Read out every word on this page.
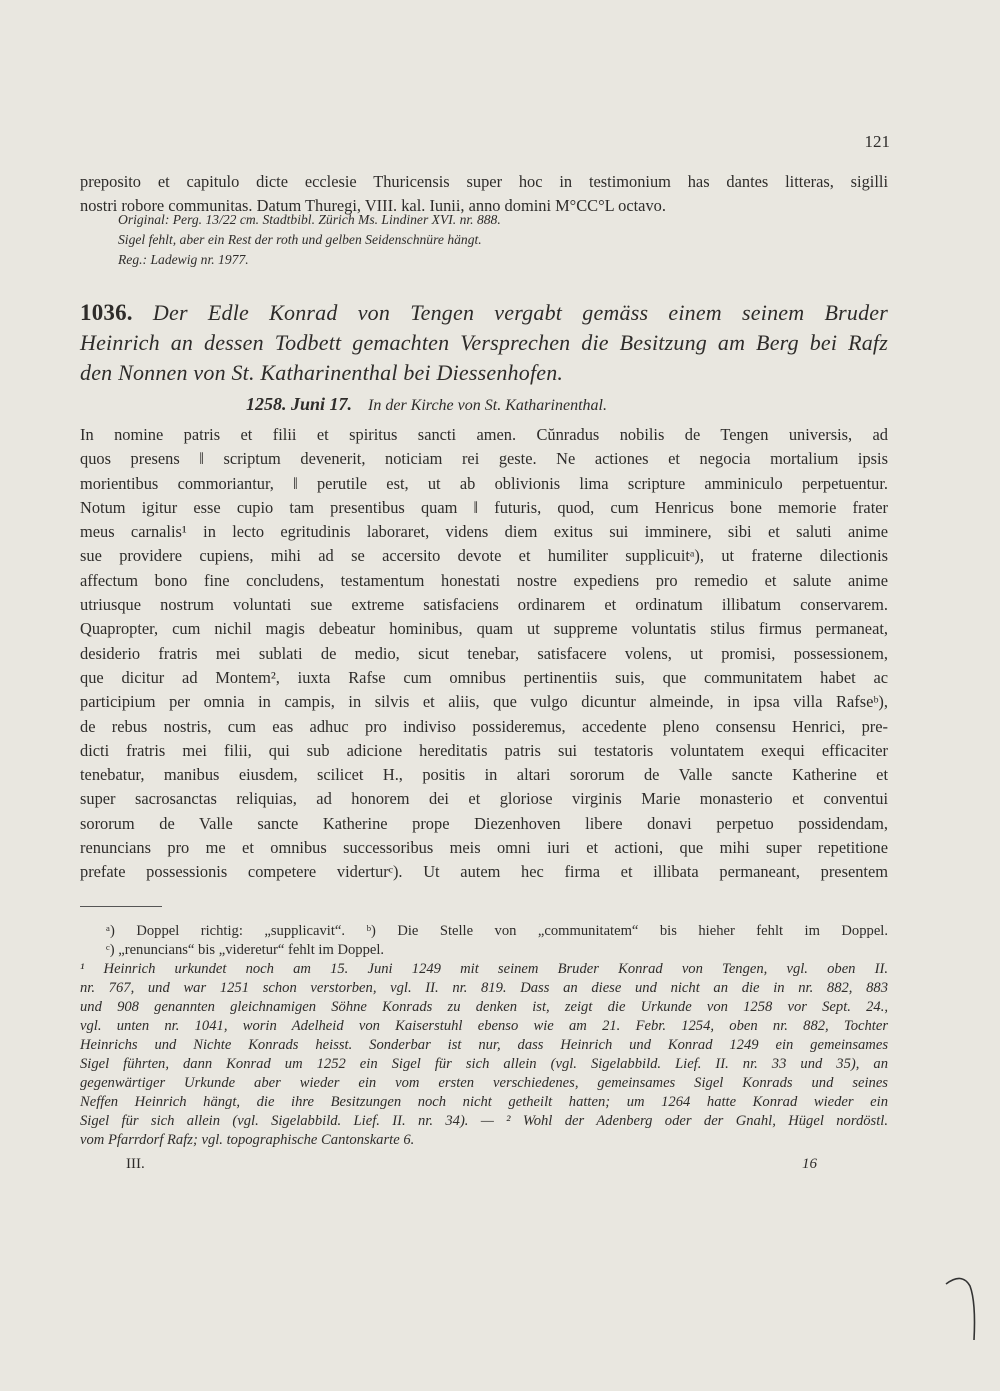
121
preposito et capitulo dicte ecclesie Thuricensis super hoc in testimonium has dantes litteras, sigilli
nostri robore communitas. Datum Thuregi, VIII. kal. Iunii, anno domini M°CC°L octavo.
Original: Perg. 13/22 cm. Stadtbibl. Zürich Ms. Lindiner XVI. nr. 888.
Sigel fehlt, aber ein Rest der roth und gelben Seidenschnüre hängt.
Reg.: Ladewig nr. 1977.
1036. Der Edle Konrad von Tengen vergabt gemäss einem seinem Bruder
Heinrich an dessen Todbett gemachten Versprechen die Besitzung am Berg bei Rafz
den Nonnen von St. Katharinenthal bei Diessenhofen.
1258. Juni 17. In der Kirche von St. Katharinenthal.
In nomine patris et filii et spiritus sancti amen. Cŭnradus nobilis de Tengen universis, ad
quos presens ‖ scriptum devenerit, noticiam rei geste. Ne actiones et negocia mortalium ipsis
morientibus commoriantur, ‖ perutile est, ut ab oblivionis lima scripture amminiculo perpetuentur.
Notum igitur esse cupio tam presentibus quam ‖ futuris, quod, cum Henricus bone memorie frater
meus carnalis¹ in lecto egritudinis laboraret, videns diem exitus sui imminere, sibi et saluti anime
sue providere cupiens, mihi ad se accersito devote et humiliter supplicuitᵃ), ut fraterne dilectionis
affectum bono fine concludens, testamentum honestati nostre expediens pro remedio et salute anime
utriusque nostrum voluntati sue extreme satisfaciens ordinarem et ordinatum illibatum conservarem.
Quapropter, cum nichil magis debeatur hominibus, quam ut suppreme voluntatis stilus firmus permaneat,
desiderio fratris mei sublati de medio, sicut tenebar, satisfacere volens, ut promisi, possessionem,
que dicitur ad Montem², iuxta Rafse cum omnibus pertinentiis suis, que communitatem habet ac
participium per omnia in campis, in silvis et aliis, que vulgo dicuntur almeinde, in ipsa villa Rafseᵇ),
de rebus nostris, cum eas adhuc pro indiviso possideremus, accedente pleno consensu Henrici, pre-
dicti fratris mei filii, qui sub adicione hereditatis patris sui testatoris voluntatem exequi efficaciter
tenebatur, manibus eiusdem, scilicet H., positis in altari sororum de Valle sancte Katherine et
super sacrosanctas reliquias, ad honorem dei et gloriose virginis Marie monasterio et conventui
sororum de Valle sancte Katherine prope Diezenhoven libere donavi perpetuo possidendam,
renuncians pro me et omnibus successoribus meis omni iuri et actioni, que mihi super repetitione
prefate possessionis competere viderturᶜ). Ut autem hec firma et illibata permaneant, presentem
ᵃ) Doppel richtig: „supplicavit“. ᵇ) Die Stelle von „communitatem“ bis hieher fehlt im Doppel.
ᶜ) „renuncians“ bis „videretur“ fehlt im Doppel.
¹ Heinrich urkundet noch am 15. Juni 1249 mit seinem Bruder Konrad von Tengen, vgl. oben II.
nr. 767, und war 1251 schon verstorben, vgl. II. nr. 819. Dass an diese und nicht an die in nr. 882, 883
und 908 genannten gleichnamigen Söhne Konrads zu denken ist, zeigt die Urkunde von 1258 vor Sept. 24.,
vgl. unten nr. 1041, worin Adelheid von Kaiserstuhl ebenso wie am 21. Febr. 1254, oben nr. 882, Tochter
Heinrichs und Nichte Konrads heisst. Sonderbar ist nur, dass Heinrich und Konrad 1249 ein gemeinsames
Sigel führten, dann Konrad um 1252 ein Sigel für sich allein (vgl. Sigelabbild. Lief. II. nr. 33 und 35), an
gegenwärtiger Urkunde aber wieder ein vom ersten verschiedenes, gemeinsames Sigel Konrads und seines
Neffen Heinrich hängt, die ihre Besitzungen noch nicht getheilt hatten; um 1264 hatte Konrad wieder ein
Sigel für sich allein (vgl. Sigelabbild. Lief. II. nr. 34). — ² Wohl der Adenberg oder der Gnahl, Hügel nordöstl.
vom Pfarrdorf Rafz; vgl. topographische Cantonskarte 6.
III.	16
